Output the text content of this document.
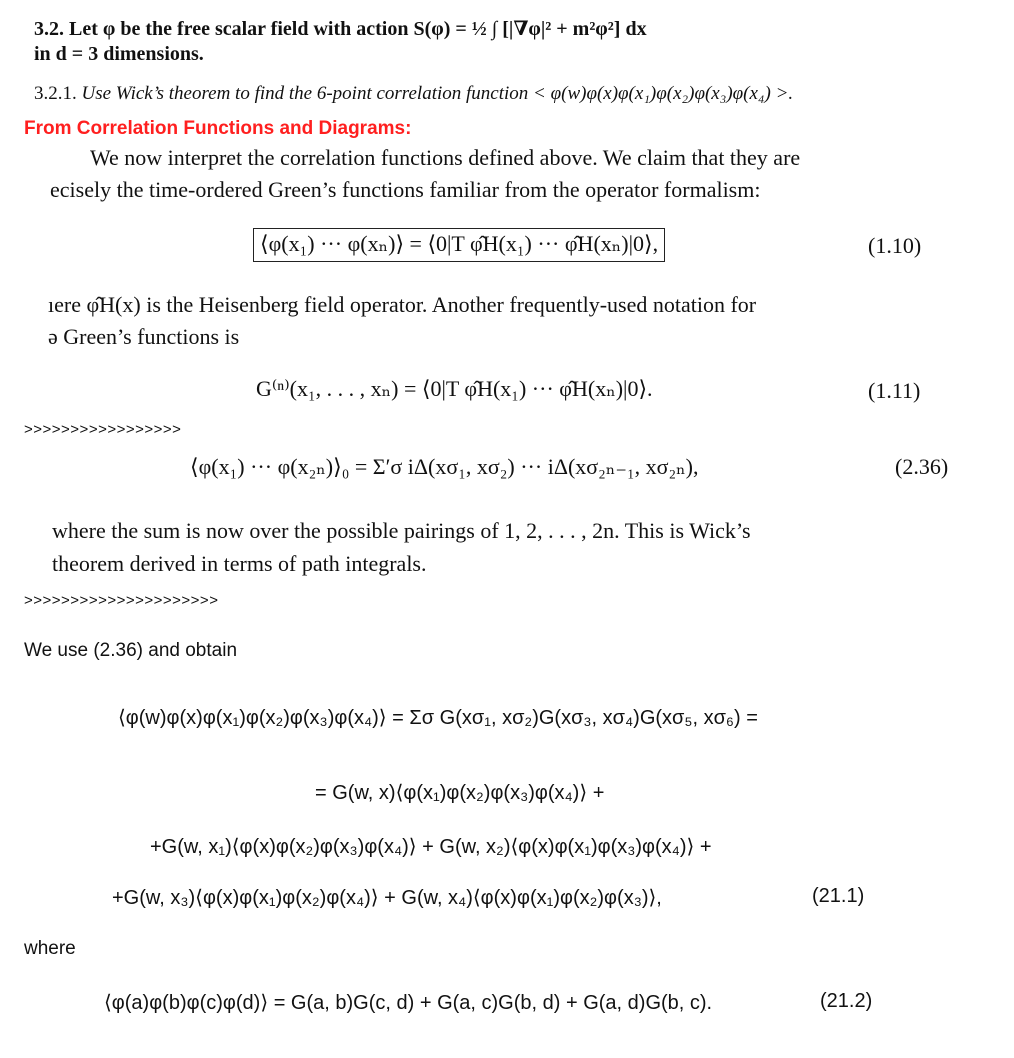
3.2. Let φ be the free scalar field with action S(φ) = ½ ∫ [|∇φ|² + m²φ²] dx
in d = 3 dimensions.
3.2.1. Use Wick’s theorem to find the 6-point correlation function < φ(w)φ(x)φ(x₁)φ(x₂)φ(x₃)φ(x₄) >.
From Correlation Functions and Diagrams:
We now interpret the correlation functions defined above. We claim that they are
ecisely the time-ordered Green’s functions familiar from the operator formalism:
⟨φ(x₁) ··· φ(xₙ)⟩ = ⟨0|T φ̂H(x₁) ··· φ̂H(xₙ)|0⟩,	(1.10)
ıere φ̂H(x) is the Heisenberg field operator. Another frequently-used notation for
ə Green’s functions is
G⁽ⁿ⁾(x₁, . . . , xₙ) = ⟨0|T φ̂H(x₁) ··· φ̂H(xₙ)|0⟩.	(1.11)
>>>>>>>>>>>>>>>>>
⟨φ(x₁) ··· φ(x₂ₙ)⟩₀ = Σ′σ iΔ(xσ₁, xσ₂) ··· iΔ(xσ₂ₙ₋₁, xσ₂ₙ),	(2.36)
where the sum is now over the possible pairings of 1, 2, . . . , 2n. This is Wick’s
theorem derived in terms of path integrals.
>>>>>>>>>>>>>>>>>>>>>
We use (2.36) and obtain
⟨φ(w)φ(x)φ(x₁)φ(x₂)φ(x₃)φ(x₄)⟩ = Σσ G(xσ₁, xσ₂)G(xσ₃, xσ₄)G(xσ₅, xσ₆) =
= G(w, x)⟨φ(x₁)φ(x₂)φ(x₃)φ(x₄)⟩ +
+G(w, x₁)⟨φ(x)φ(x₂)φ(x₃)φ(x₄)⟩ + G(w, x₂)⟨φ(x)φ(x₁)φ(x₃)φ(x₄)⟩ +
+G(w, x₃)⟨φ(x)φ(x₁)φ(x₂)φ(x₄)⟩ + G(w, x₄)⟨φ(x)φ(x₁)φ(x₂)φ(x₃)⟩,	(21.1)
where
⟨φ(a)φ(b)φ(c)φ(d)⟩ = G(a, b)G(c, d) + G(a, c)G(b, d) + G(a, d)G(b, c).	(21.2)
